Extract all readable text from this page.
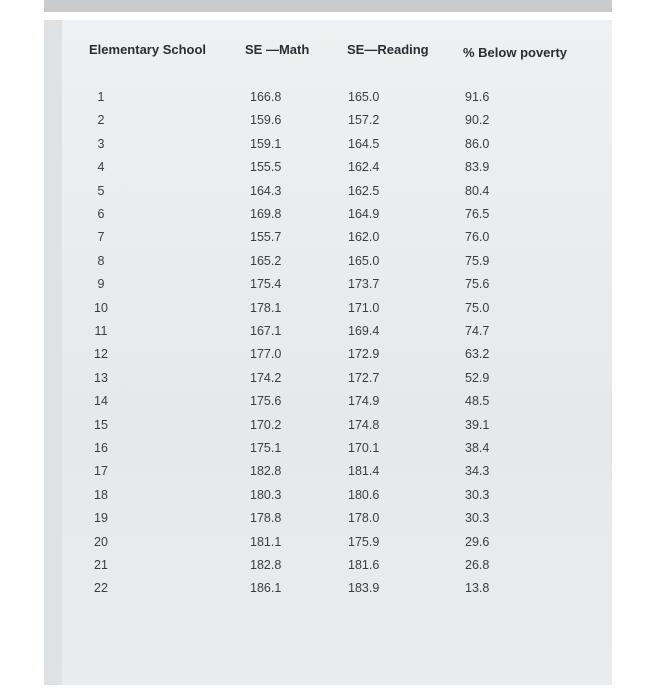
Elementary School	SE —Math	SE—Reading	% Below poverty
1	166.8	165.0	91.6
2	159.6	157.2	90.2
3	159.1	164.5	86.0
4	155.5	162.4	83.9
5	164.3	162.5	80.4
6	169.8	164.9	76.5
7	155.7	162.0	76.0
8	165.2	165.0	75.9
9	175.4	173.7	75.6
10	178.1	171.0	75.0
11	167.1	169.4	74.7
12	177.0	172.9	63.2
13	174.2	172.7	52.9
14	175.6	174.9	48.5
15	170.2	174.8	39.1
16	175.1	170.1	38.4
17	182.8	181.4	34.3
18	180.3	180.6	30.3
19	178.8	178.0	30.3
20	181.1	175.9	29.6
21	182.8	181.6	26.8
22	186.1	183.9	13.8
